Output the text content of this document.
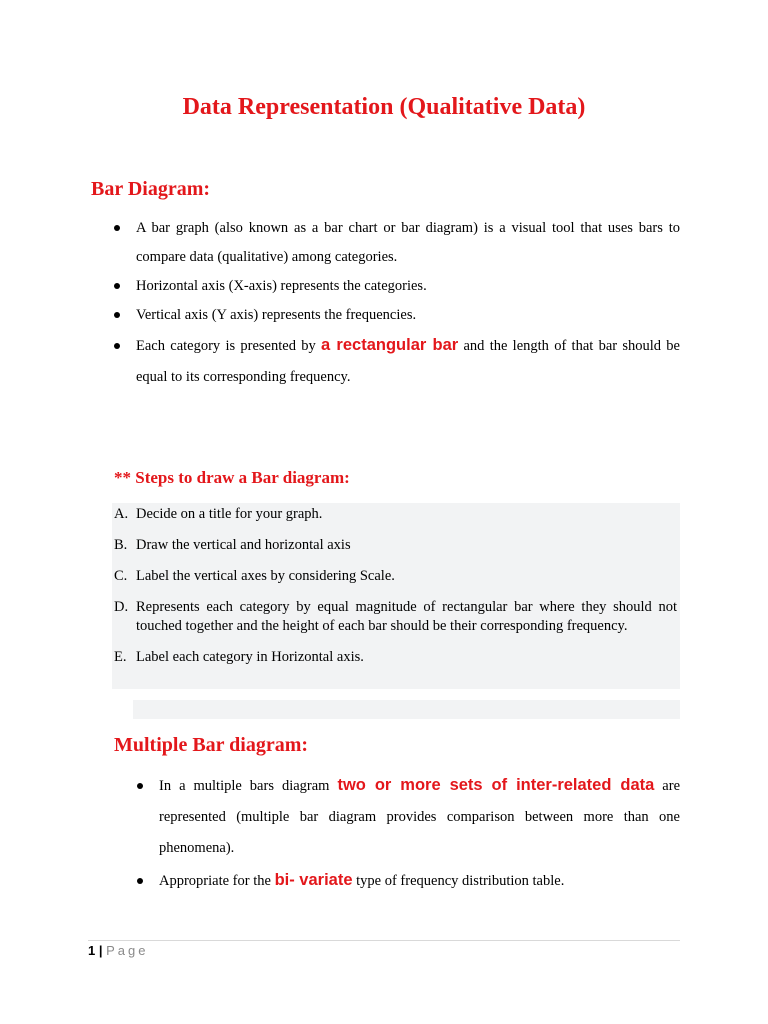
Data Representation (Qualitative Data)
Bar Diagram:
A bar graph (also known as a bar chart or bar diagram) is a visual tool that uses bars to compare data (qualitative) among categories.
Horizontal axis (X-axis) represents the categories.
Vertical axis (Y axis) represents the frequencies.
Each category is presented by a rectangular bar and the length of that bar should be equal to its corresponding frequency.
** Steps to draw a Bar diagram:
A. Decide on a title for your graph.
B. Draw the vertical and horizontal axis
C. Label the vertical axes by considering Scale.
D. Represents each category by equal magnitude of rectangular bar where they should not touched together and the height of each bar should be their corresponding frequency.
E. Label each category in Horizontal axis.
Multiple Bar diagram:
In a multiple bars diagram two or more sets of inter-related data are represented (multiple bar diagram provides comparison between more than one phenomena).
Appropriate for the bi- variate type of frequency distribution table.
1 | Page
